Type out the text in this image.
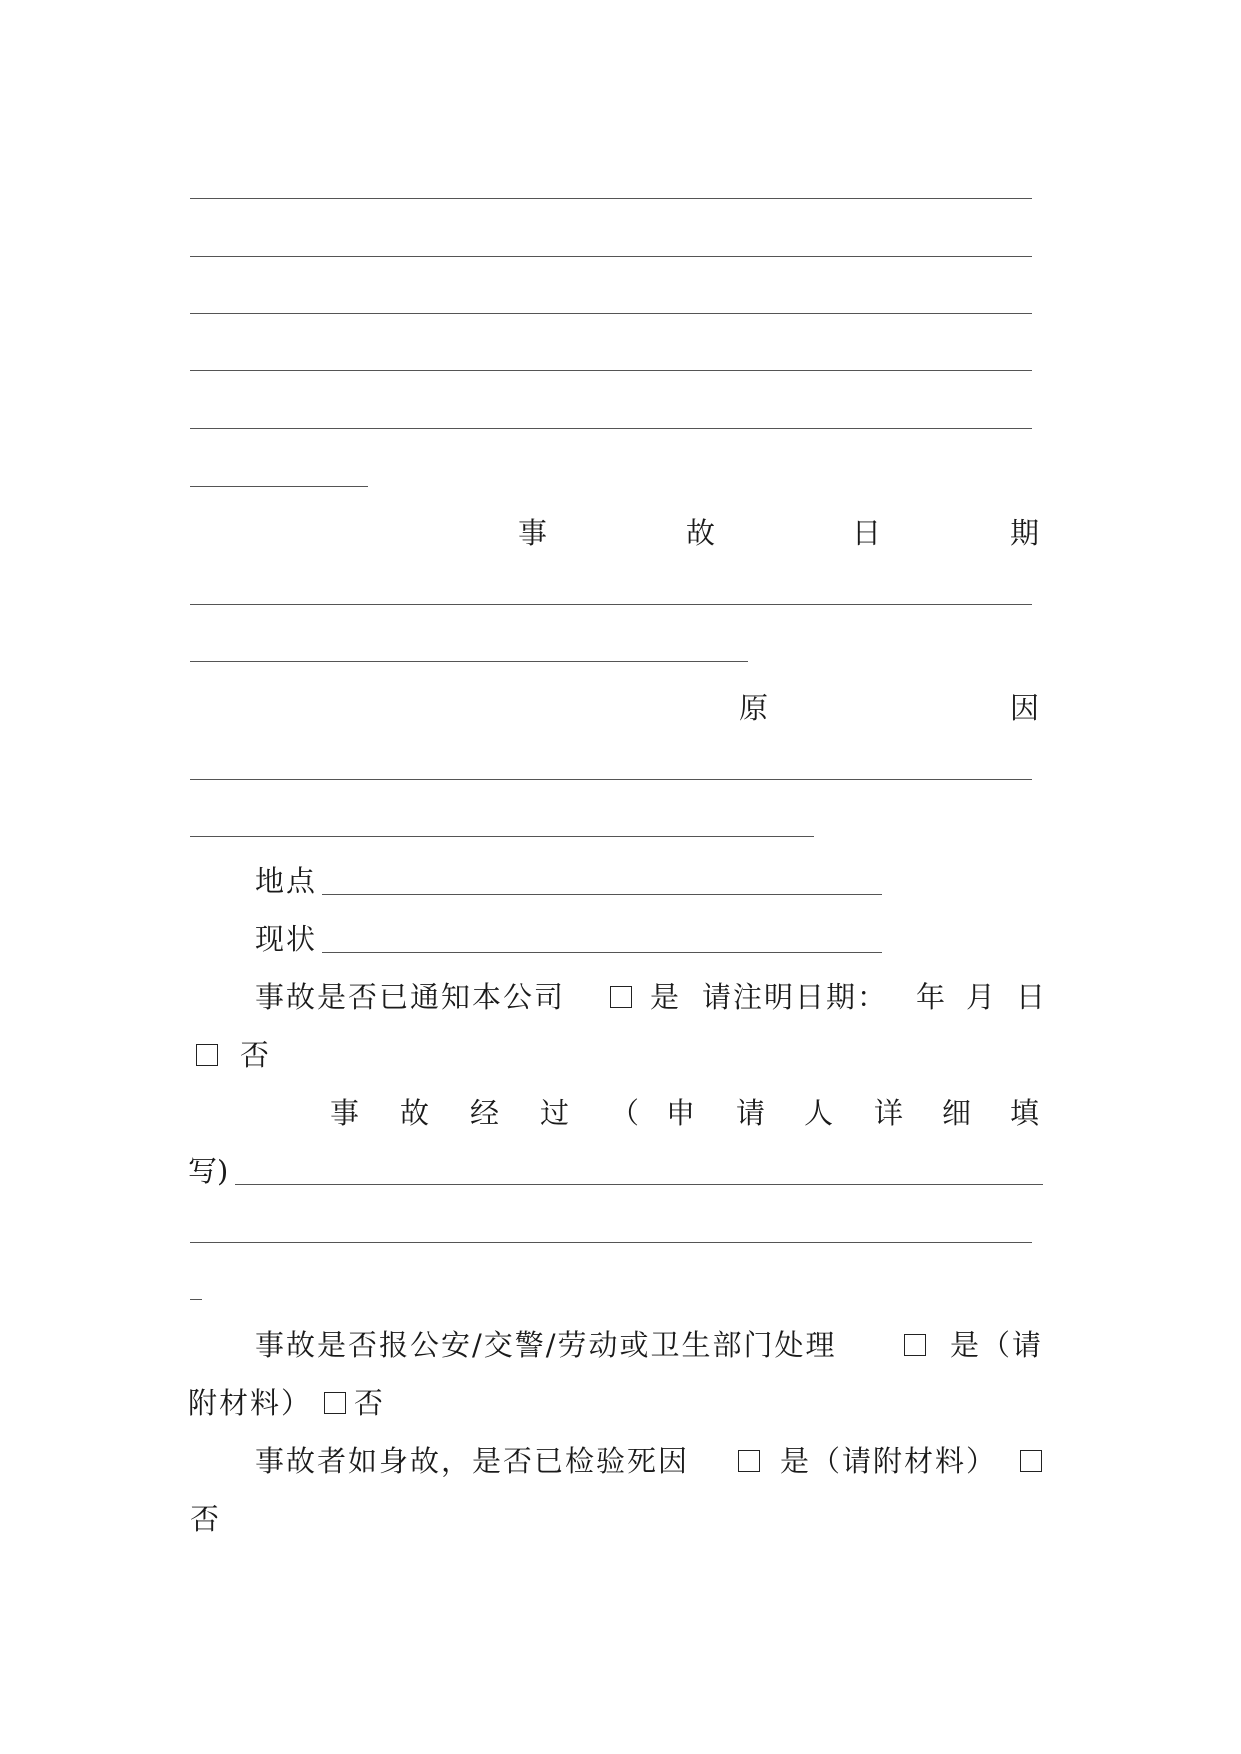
事	故	日	期
原	因
地点
现状
事故是否已通知本公司	是 请注明日期： 年 月 日
否
事 故 经 过 （ 申 请 人 详 细 填
写)
事故是否报公安/交警/劳动或卫生部门处理	是（请
附材料） 否
事故者如身故，是否已检验死因	是（请附材料）
否
